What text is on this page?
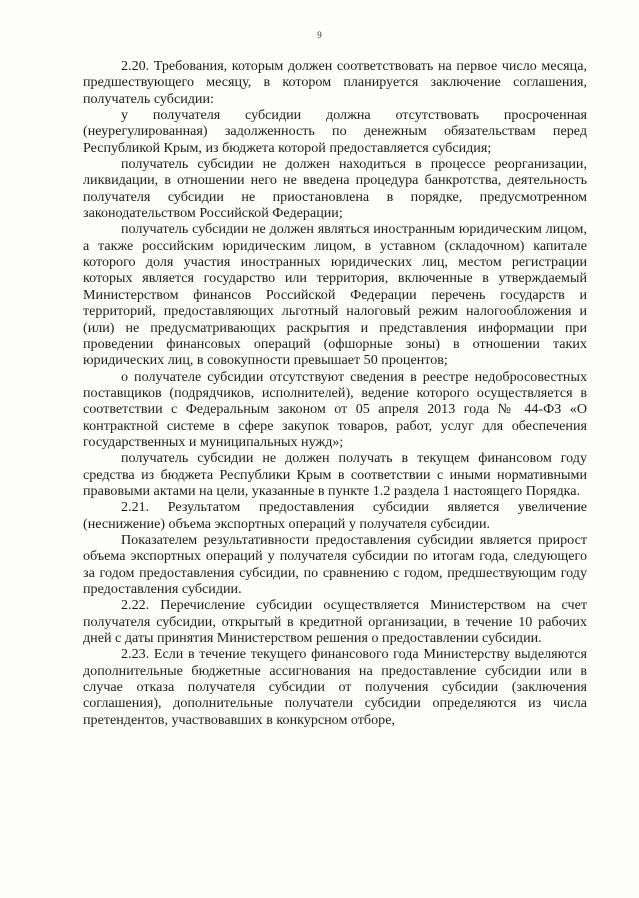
9

2.20. Требования, которым должен соответствовать на первое число месяца, предшествующего месяцу, в котором планируется заключение соглашения, получатель субсидии:

у получателя субсидии должна отсутствовать просроченная (неурегулированная) задолженность по денежным обязательствам перед Республикой Крым, из бюджета которой предоставляется субсидия;

получатель субсидии не должен находиться в процессе реорганизации, ликвидации, в отношении него не введена процедура банкротства, деятельность получателя субсидии не приостановлена в порядке, предусмотренном законодательством Российской Федерации;

получатель субсидии не должен являться иностранным юридическим лицом, а также российским юридическим лицом, в уставном (складочном) капитале которого доля участия иностранных юридических лиц, местом регистрации которых является государство или территория, включенные в утверждаемый Министерством финансов Российской Федерации перечень государств и территорий, предоставляющих льготный налоговый режим налогообложения и (или) не предусматривающих раскрытия и представления информации при проведении финансовых операций (офшорные зоны) в отношении таких юридических лиц, в совокупности превышает 50 процентов;

о получателе субсидии отсутствуют сведения в реестре недобросовестных поставщиков (подрядчиков, исполнителей), ведение которого осуществляется в соответствии с Федеральным законом от 05 апреля 2013 года № 44-ФЗ «О контрактной системе в сфере закупок товаров, работ, услуг для обеспечения государственных и муниципальных нужд»;

получатель субсидии не должен получать в текущем финансовом году средства из бюджета Республики Крым в соответствии с иными нормативными правовыми актами на цели, указанные в пункте 1.2 раздела 1 настоящего Порядка.

2.21. Результатом предоставления субсидии является увеличение (неснижение) объема экспортных операций у получателя субсидии.

Показателем результативности предоставления субсидии является прирост объема экспортных операций у получателя субсидии по итогам года, следующего за годом предоставления субсидии, по сравнению с годом, предшествующим году предоставления субсидии.

2.22. Перечисление субсидии осуществляется Министерством на счет получателя субсидии, открытый в кредитной организации, в течение 10 рабочих дней с даты принятия Министерством решения о предоставлении субсидии.

2.23. Если в течение текущего финансового года Министерству выделяются дополнительные бюджетные ассигнования на предоставление субсидии или в случае отказа получателя субсидии от получения субсидии (заключения соглашения), дополнительные получатели субсидии определяются из числа претендентов, участвовавших в конкурсном отборе,
